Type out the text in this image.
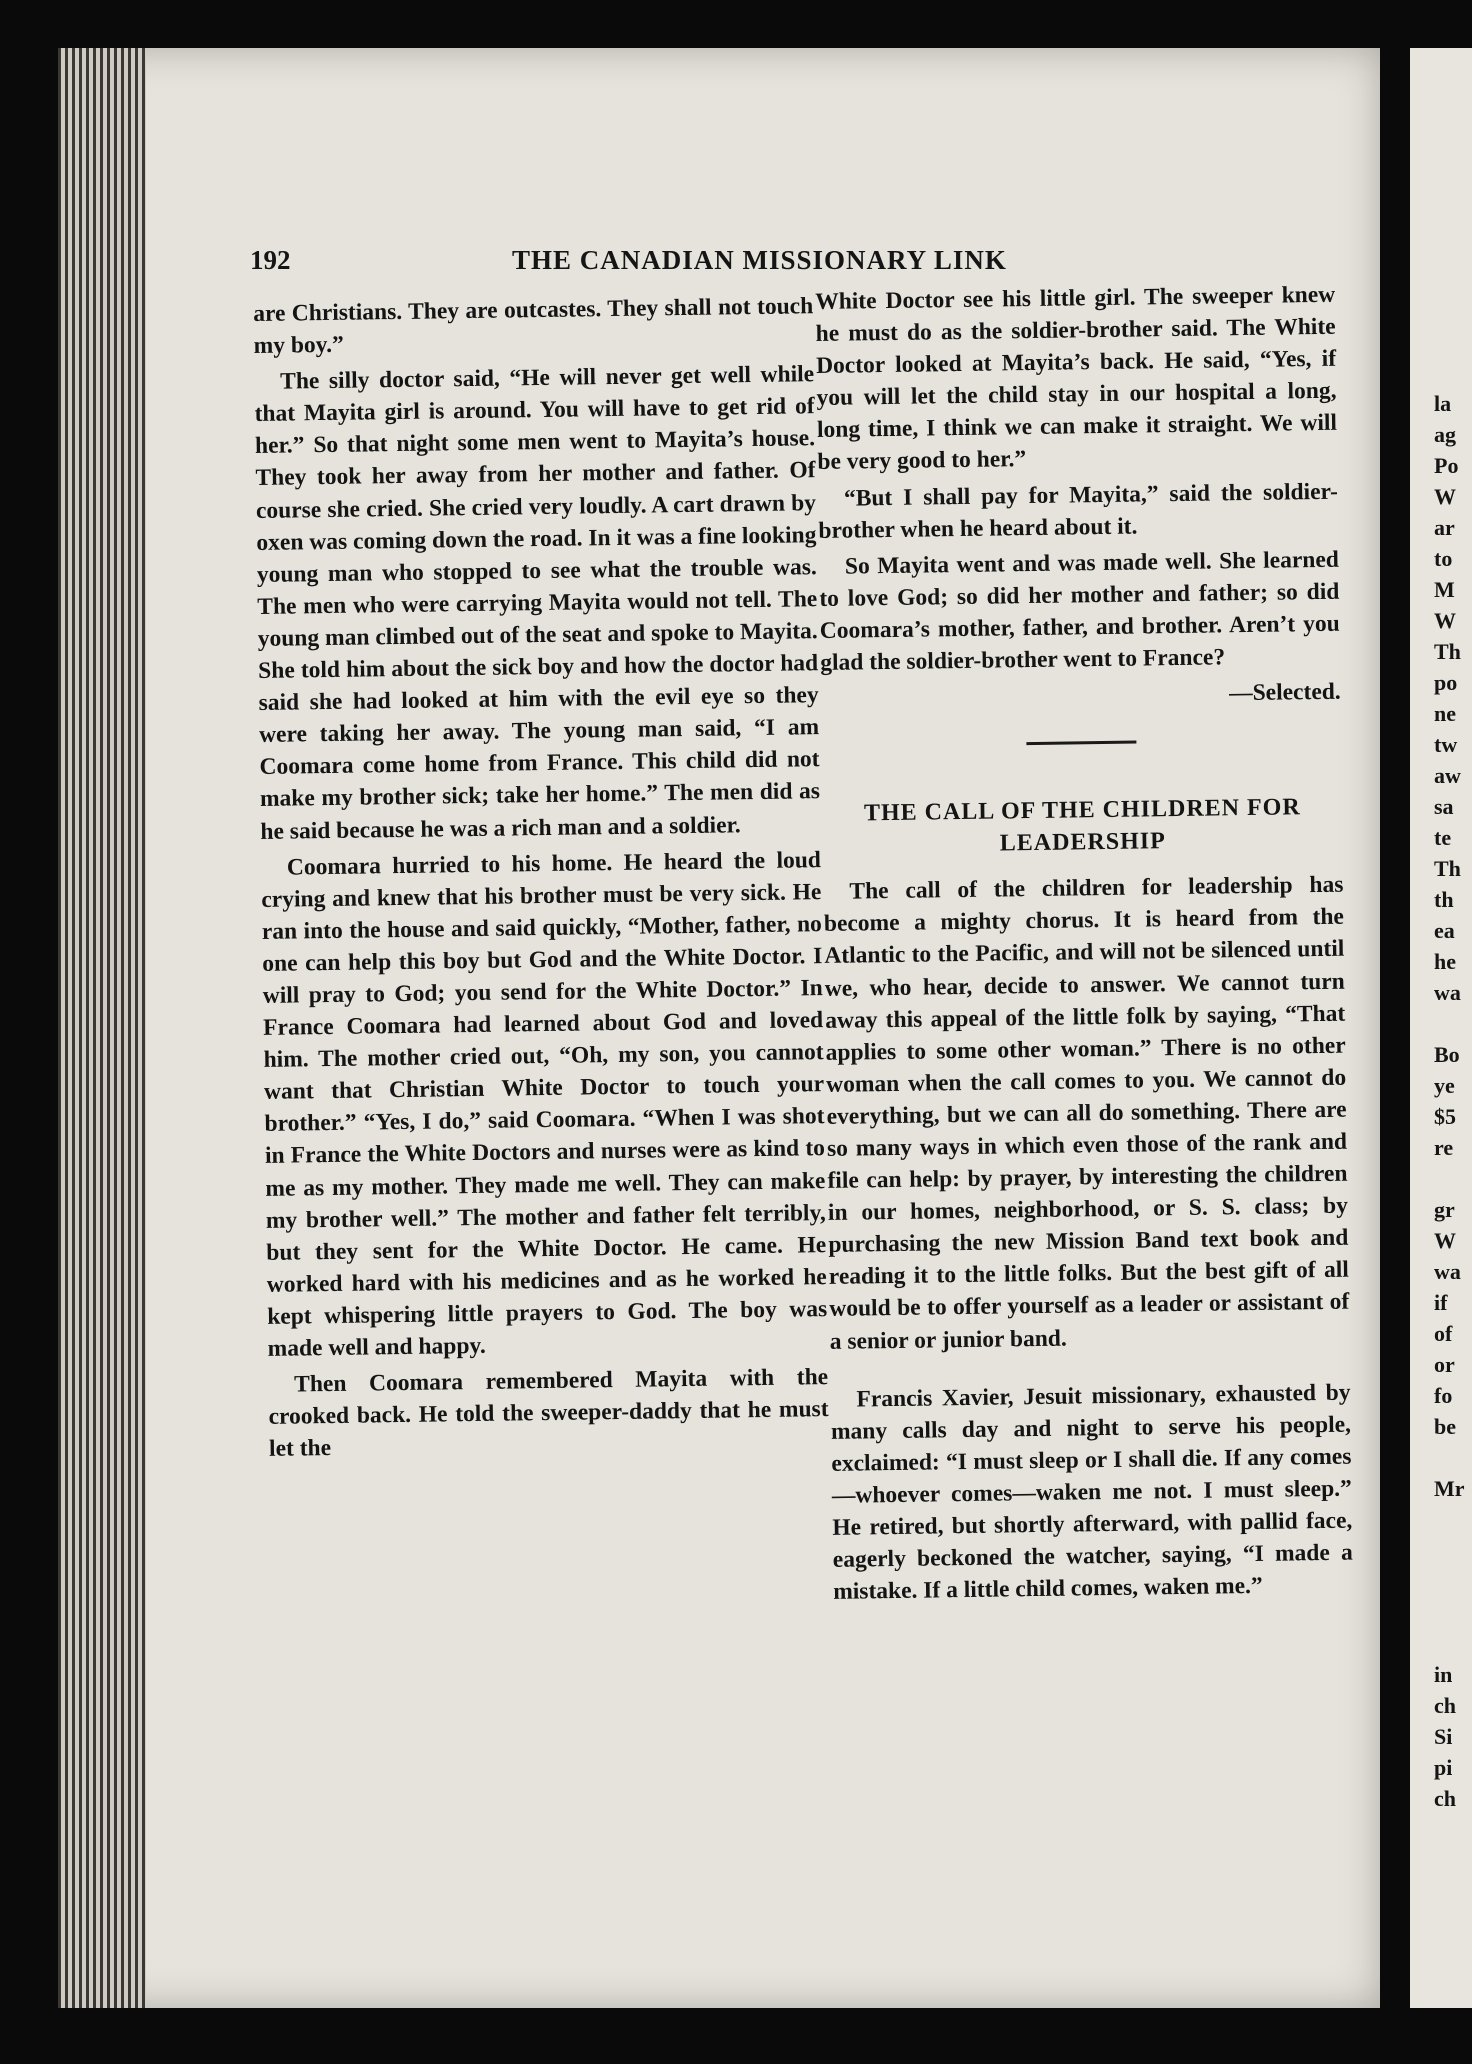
192	THE CANADIAN MISSIONARY LINK

are Christians. They are outcastes. They shall not touch my boy.”

The silly doctor said, “He will never get well while that Mayita girl is around. You will have to get rid of her.” So that night some men went to Mayita’s house. They took her away from her mother and father. Of course she cried. She cried very loudly. A cart drawn by oxen was coming down the road. In it was a fine looking young man who stopped to see what the trouble was. The men who were carrying Mayita would not tell. The young man climbed out of the seat and spoke to Mayita. She told him about the sick boy and how the doctor had said she had looked at him with the evil eye so they were taking her away. The young man said, “I am Coomara come home from France. This child did not make my brother sick; take her home.” The men did as he said because he was a rich man and a soldier.

Coomara hurried to his home. He heard the loud crying and knew that his brother must be very sick. He ran into the house and said quickly, “Mother, father, no one can help this boy but God and the White Doctor. I will pray to God; you send for the White Doctor.” In France Coomara had learned about God and loved him. The mother cried out, “Oh, my son, you cannot want that Christian White Doctor to touch your brother.” “Yes, I do,” said Coomara. “When I was shot in France the White Doctors and nurses were as kind to me as my mother. They made me well. They can make my brother well.” The mother and father felt terribly, but they sent for the White Doctor. He came. He worked hard with his medicines and as he worked he kept whispering little prayers to God. The boy was made well and happy.

Then Coomara remembered Mayita with the crooked back. He told the sweeper-daddy that he must let the

White Doctor see his little girl. The sweeper knew he must do as the soldier-brother said. The White Doctor looked at Mayita’s back. He said, “Yes, if you will let the child stay in our hospital a long, long time, I think we can make it straight. We will be very good to her.”

“But I shall pay for Mayita,” said the soldier-brother when he heard about it.

So Mayita went and was made well. She learned to love God; so did her mother and father; so did Coomara’s mother, father, and brother. Aren’t you glad the soldier-brother went to France?

—Selected.
THE CALL OF THE CHILDREN FOR LEADERSHIP

The call of the children for leadership has become a mighty chorus. It is heard from the Atlantic to the Pacific, and will not be silenced until we, who hear, decide to answer. We cannot turn away this appeal of the little folk by saying, “That applies to some other woman.” There is no other woman when the call comes to you. We cannot do everything, but we can all do something. There are so many ways in which even those of the rank and file can help: by prayer, by interesting the children in our homes, neighborhood, or S. S. class; by purchasing the new Mission Band text book and reading it to the little folks. But the best gift of all would be to offer yourself as a leader or assistant of a senior or junior band.

Francis Xavier, Jesuit missionary, exhausted by many calls day and night to serve his people, exclaimed: “I must sleep or I shall die. If any comes—whoever comes—waken me not. I must sleep.” He retired, but shortly afterward, with pallid face, eagerly beckoned the watcher, saying, “I made a mistake. If a little child comes, waken me.”

la
ag
Po
W
ar
to
M
W
Th
po
ne
tw
aw
sa
te
Th
th
ea
he
wa

Bo
ye
$5
re

gr
W
wa
if
of
or
fo
be

Mr

in
ch
Si
pi
ch
